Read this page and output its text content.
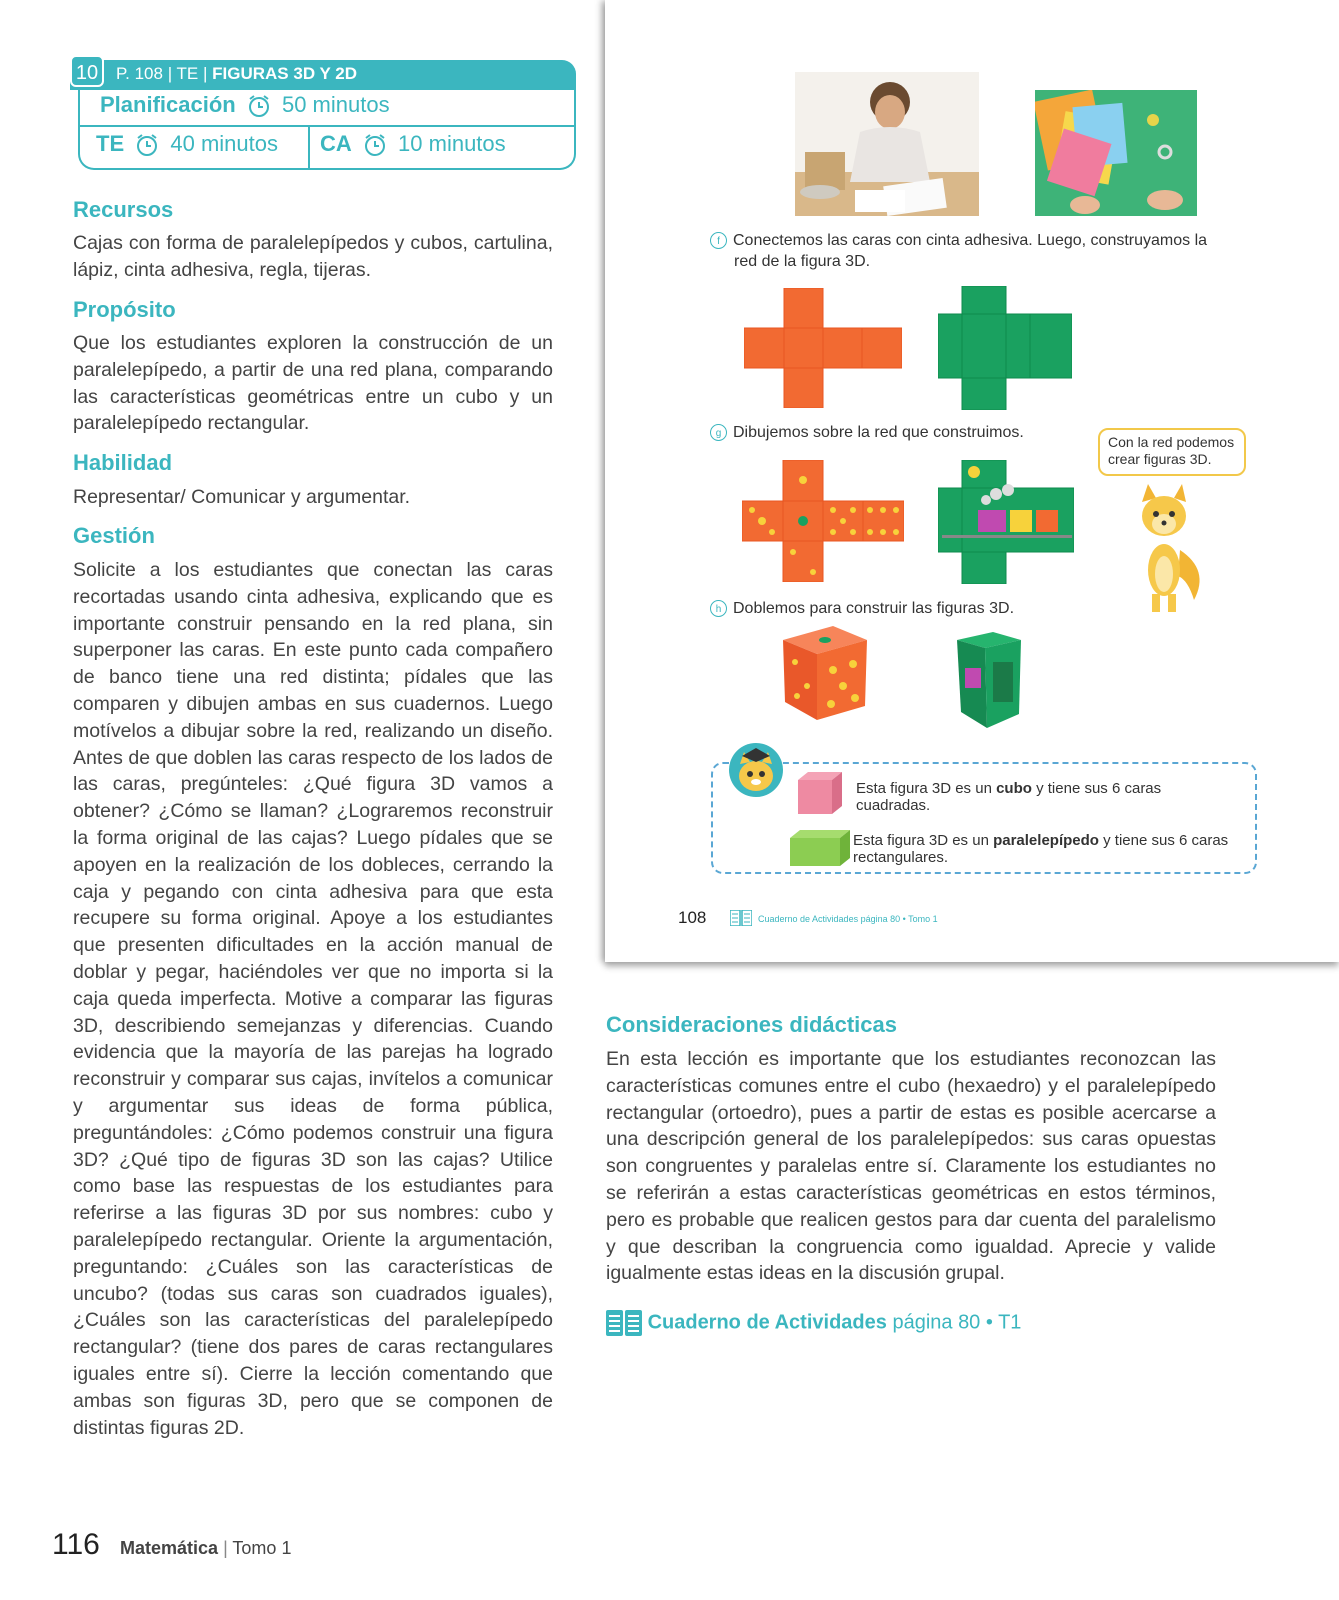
10	P. 108 | TE | FIGURAS 3D Y 2D
Planificación 50 minutos
TE 40 minutos CA 10 minutos
Recursos
Cajas con forma de paralelepípedos y cubos, cartulina, lápiz, cinta adhesiva, regla, tijeras.
Propósito
Que los estudiantes exploren la construcción de un paralelepípedo, a partir de una red plana, comparando las características geométricas entre un cubo y un paralelepípedo rectangular.
Habilidad
Representar/ Comunicar y argumentar.
Gestión
Solicite a los estudiantes que conectan las caras recortadas usando cinta adhesiva, explicando que es importante construir pensando en la red plana, sin superponer las caras. En este punto cada compañero de banco tiene una red distinta; pídales que las comparen y dibujen ambas en sus cuadernos. Luego motívelos a dibujar sobre la red, realizando un diseño. Antes de que doblen las caras respecto de los lados de las caras, pregúnteles: ¿Qué figura 3D vamos a obtener? ¿Cómo se llaman? ¿Lograremos reconstruir la forma original de las cajas? Luego pídales que se apoyen en la realización de los dobleces, cerrando la caja y pegando con cinta adhesiva para que esta recupere su forma original. Apoye a los estudiantes que presenten dificultades en la acción manual de doblar y pegar, haciéndoles ver que no importa si la caja queda imperfecta. Motive a comparar las figuras 3D, describiendo semejanzas y diferencias. Cuando evidencia que la mayoría de las parejas ha logrado reconstruir y comparar sus cajas, invítelos a comunicar y argumentar sus ideas de forma pública, preguntándoles: ¿Cómo podemos construir una figura 3D? ¿Qué tipo de figuras 3D son las cajas? Utilice como base las respuestas de los estudiantes para referirse a las figuras 3D por sus nombres: cubo y paralelepípedo rectangular. Oriente la argumentación, preguntando: ¿Cuáles son las características de uncubo? (todas sus caras son cuadrados iguales), ¿Cuáles son las características del paralelepípedo rectangular? (tiene dos pares de caras rectangulares iguales entre sí). Cierre la lección comentando que ambas son figuras 3D, pero que se componen de distintas figuras 2D.
f Conectemos las caras con cinta adhesiva. Luego, construyamos la
red de la figura 3D.
g Dibujemos sobre la red que construimos.
Con la red podemos crear figuras 3D.
h Doblemos para construir las figuras 3D.
Esta figura 3D es un cubo y tiene sus 6 caras cuadradas.
Esta figura 3D es un paralelepípedo y tiene sus 6 caras rectangulares.
108	Cuaderno de Actividades página 80 • Tomo 1
Consideraciones didácticas
En esta lección es importante que los estudiantes reconozcan las características comunes entre el cubo (hexaedro) y el paralelepípedo rectangular (ortoedro), pues a partir de estas es posible acercarse a una descripción general de los paralelepípedos: sus caras opuestas son congruentes y paralelas entre sí. Claramente los estudiantes no se referirán a estas características geométricas en estos términos, pero es probable que realicen gestos para dar cuenta del paralelismo y que describan la congruencia como igualdad. Aprecie y valide igualmente estas ideas en la discusión grupal.
Cuaderno de Actividades página 80 • T1
116 Matemática | Tomo 1
